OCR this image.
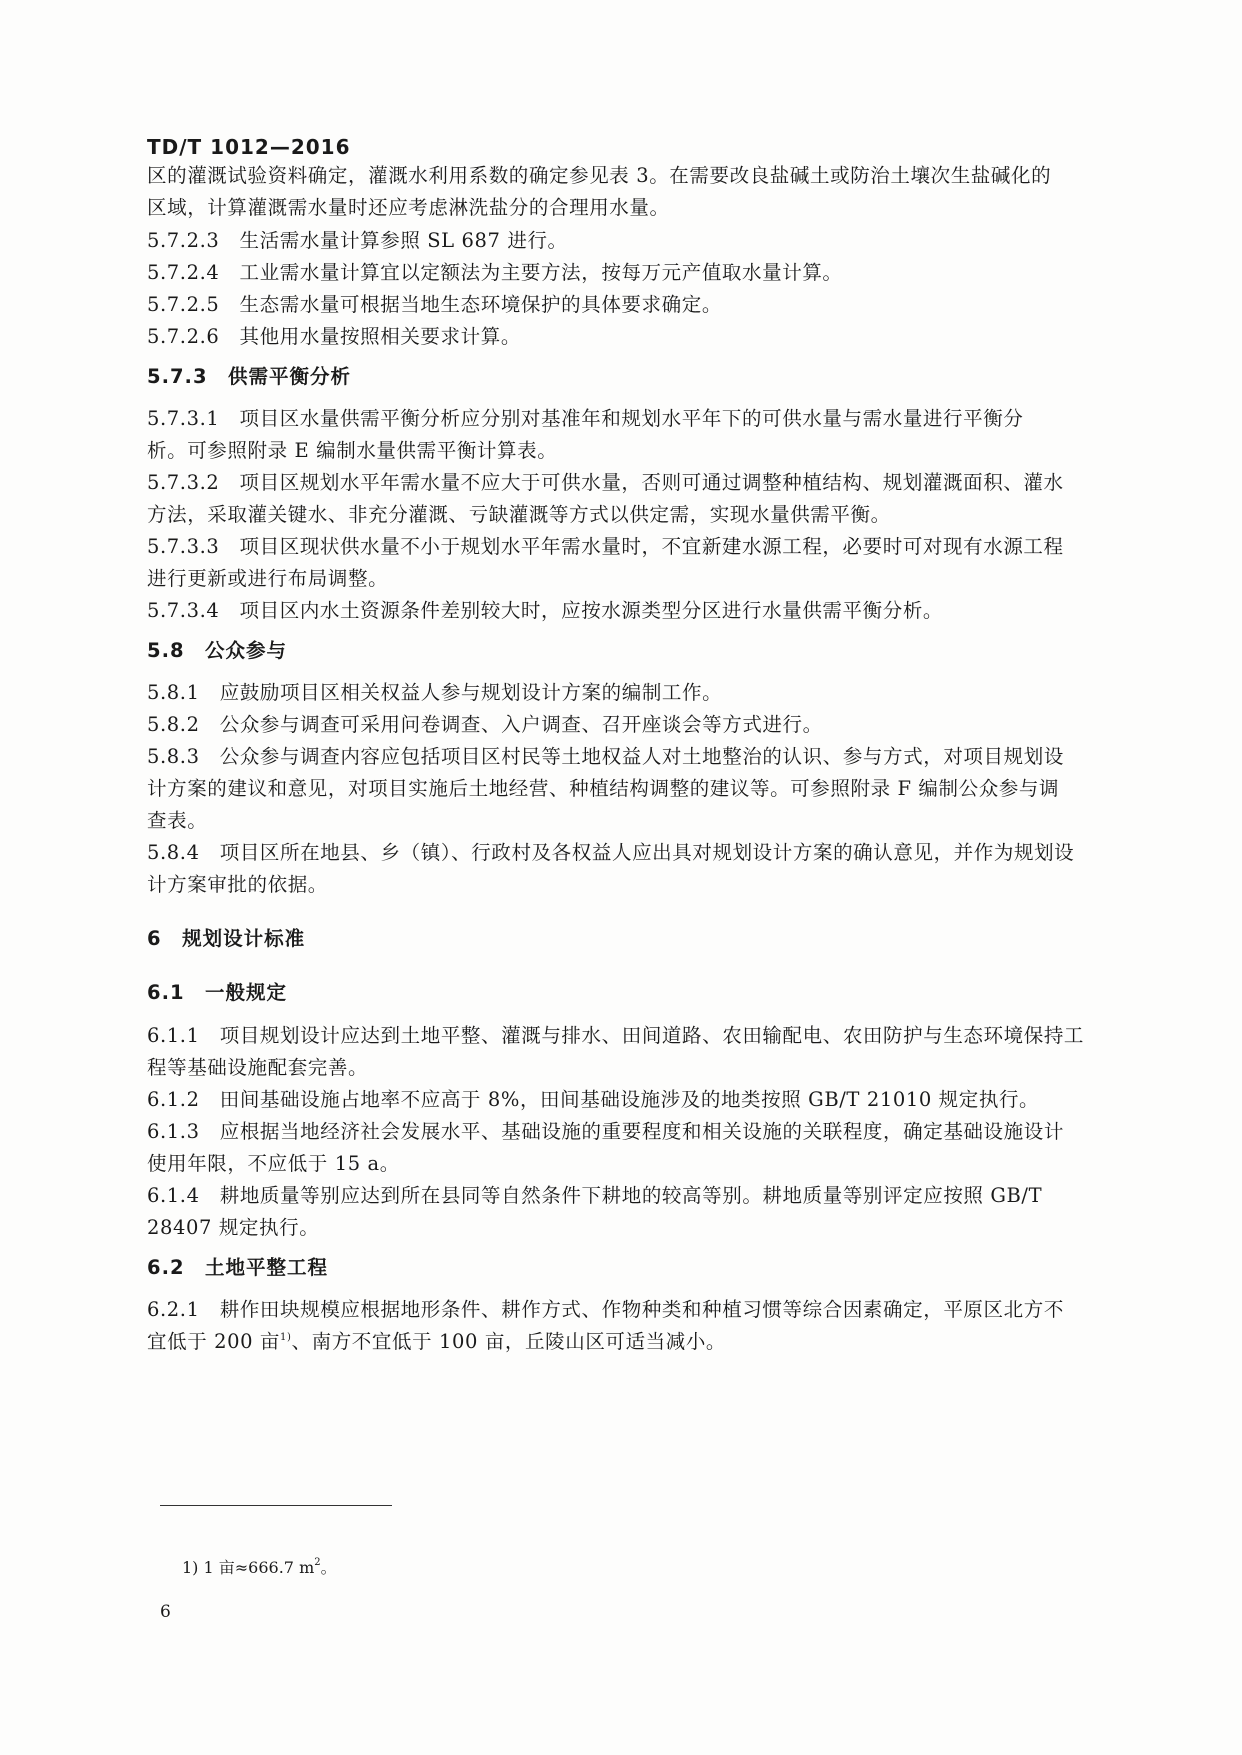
TD/T 1012—2016
区的灌溉试验资料确定，灌溉水利用系数的确定参见表 3。在需要改良盐碱土或防治土壤次生盐碱化的
区域，计算灌溉需水量时还应考虑淋洗盐分的合理用水量。
5.7.2.3　生活需水量计算参照 SL 687 进行。
5.7.2.4　工业需水量计算宜以定额法为主要方法，按每万元产值取水量计算。
5.7.2.5　生态需水量可根据当地生态环境保护的具体要求确定。
5.7.2.6　其他用水量按照相关要求计算。
5.7.3　供需平衡分析
5.7.3.1　项目区水量供需平衡分析应分别对基准年和规划水平年下的可供水量与需水量进行平衡分
析。可参照附录 E 编制水量供需平衡计算表。
5.7.3.2　项目区规划水平年需水量不应大于可供水量，否则可通过调整种植结构、规划灌溉面积、灌水
方法，采取灌关键水、非充分灌溉、亏缺灌溉等方式以供定需，实现水量供需平衡。
5.7.3.3　项目区现状供水量不小于规划水平年需水量时，不宜新建水源工程，必要时可对现有水源工程
进行更新或进行布局调整。
5.7.3.4　项目区内水土资源条件差别较大时，应按水源类型分区进行水量供需平衡分析。
5.8　公众参与
5.8.1　应鼓励项目区相关权益人参与规划设计方案的编制工作。
5.8.2　公众参与调查可采用问卷调查、入户调查、召开座谈会等方式进行。
5.8.3　公众参与调查内容应包括项目区村民等土地权益人对土地整治的认识、参与方式，对项目规划设
计方案的建议和意见，对项目实施后土地经营、种植结构调整的建议等。可参照附录 F 编制公众参与调
查表。
5.8.4　项目区所在地县、乡（镇）、行政村及各权益人应出具对规划设计方案的确认意见，并作为规划设
计方案审批的依据。
6　规划设计标准
6.1　一般规定
6.1.1　项目规划设计应达到土地平整、灌溉与排水、田间道路、农田输配电、农田防护与生态环境保持工
程等基础设施配套完善。
6.1.2　田间基础设施占地率不应高于 8%，田间基础设施涉及的地类按照 GB/T 21010 规定执行。
6.1.3　应根据当地经济社会发展水平、基础设施的重要程度和相关设施的关联程度，确定基础设施设计
使用年限，不应低于 15 a。
6.1.4　耕地质量等别应达到所在县同等自然条件下耕地的较高等别。耕地质量等别评定应按照 GB/T
28407 规定执行。
6.2　土地平整工程
6.2.1　耕作田块规模应根据地形条件、耕作方式、作物种类和种植习惯等综合因素确定，平原区北方不
宜低于 200 亩$^{1)}$、南方不宜低于 100 亩，丘陵山区可适当减小。
1) 1 亩≈666.7 $m^2$。
6
